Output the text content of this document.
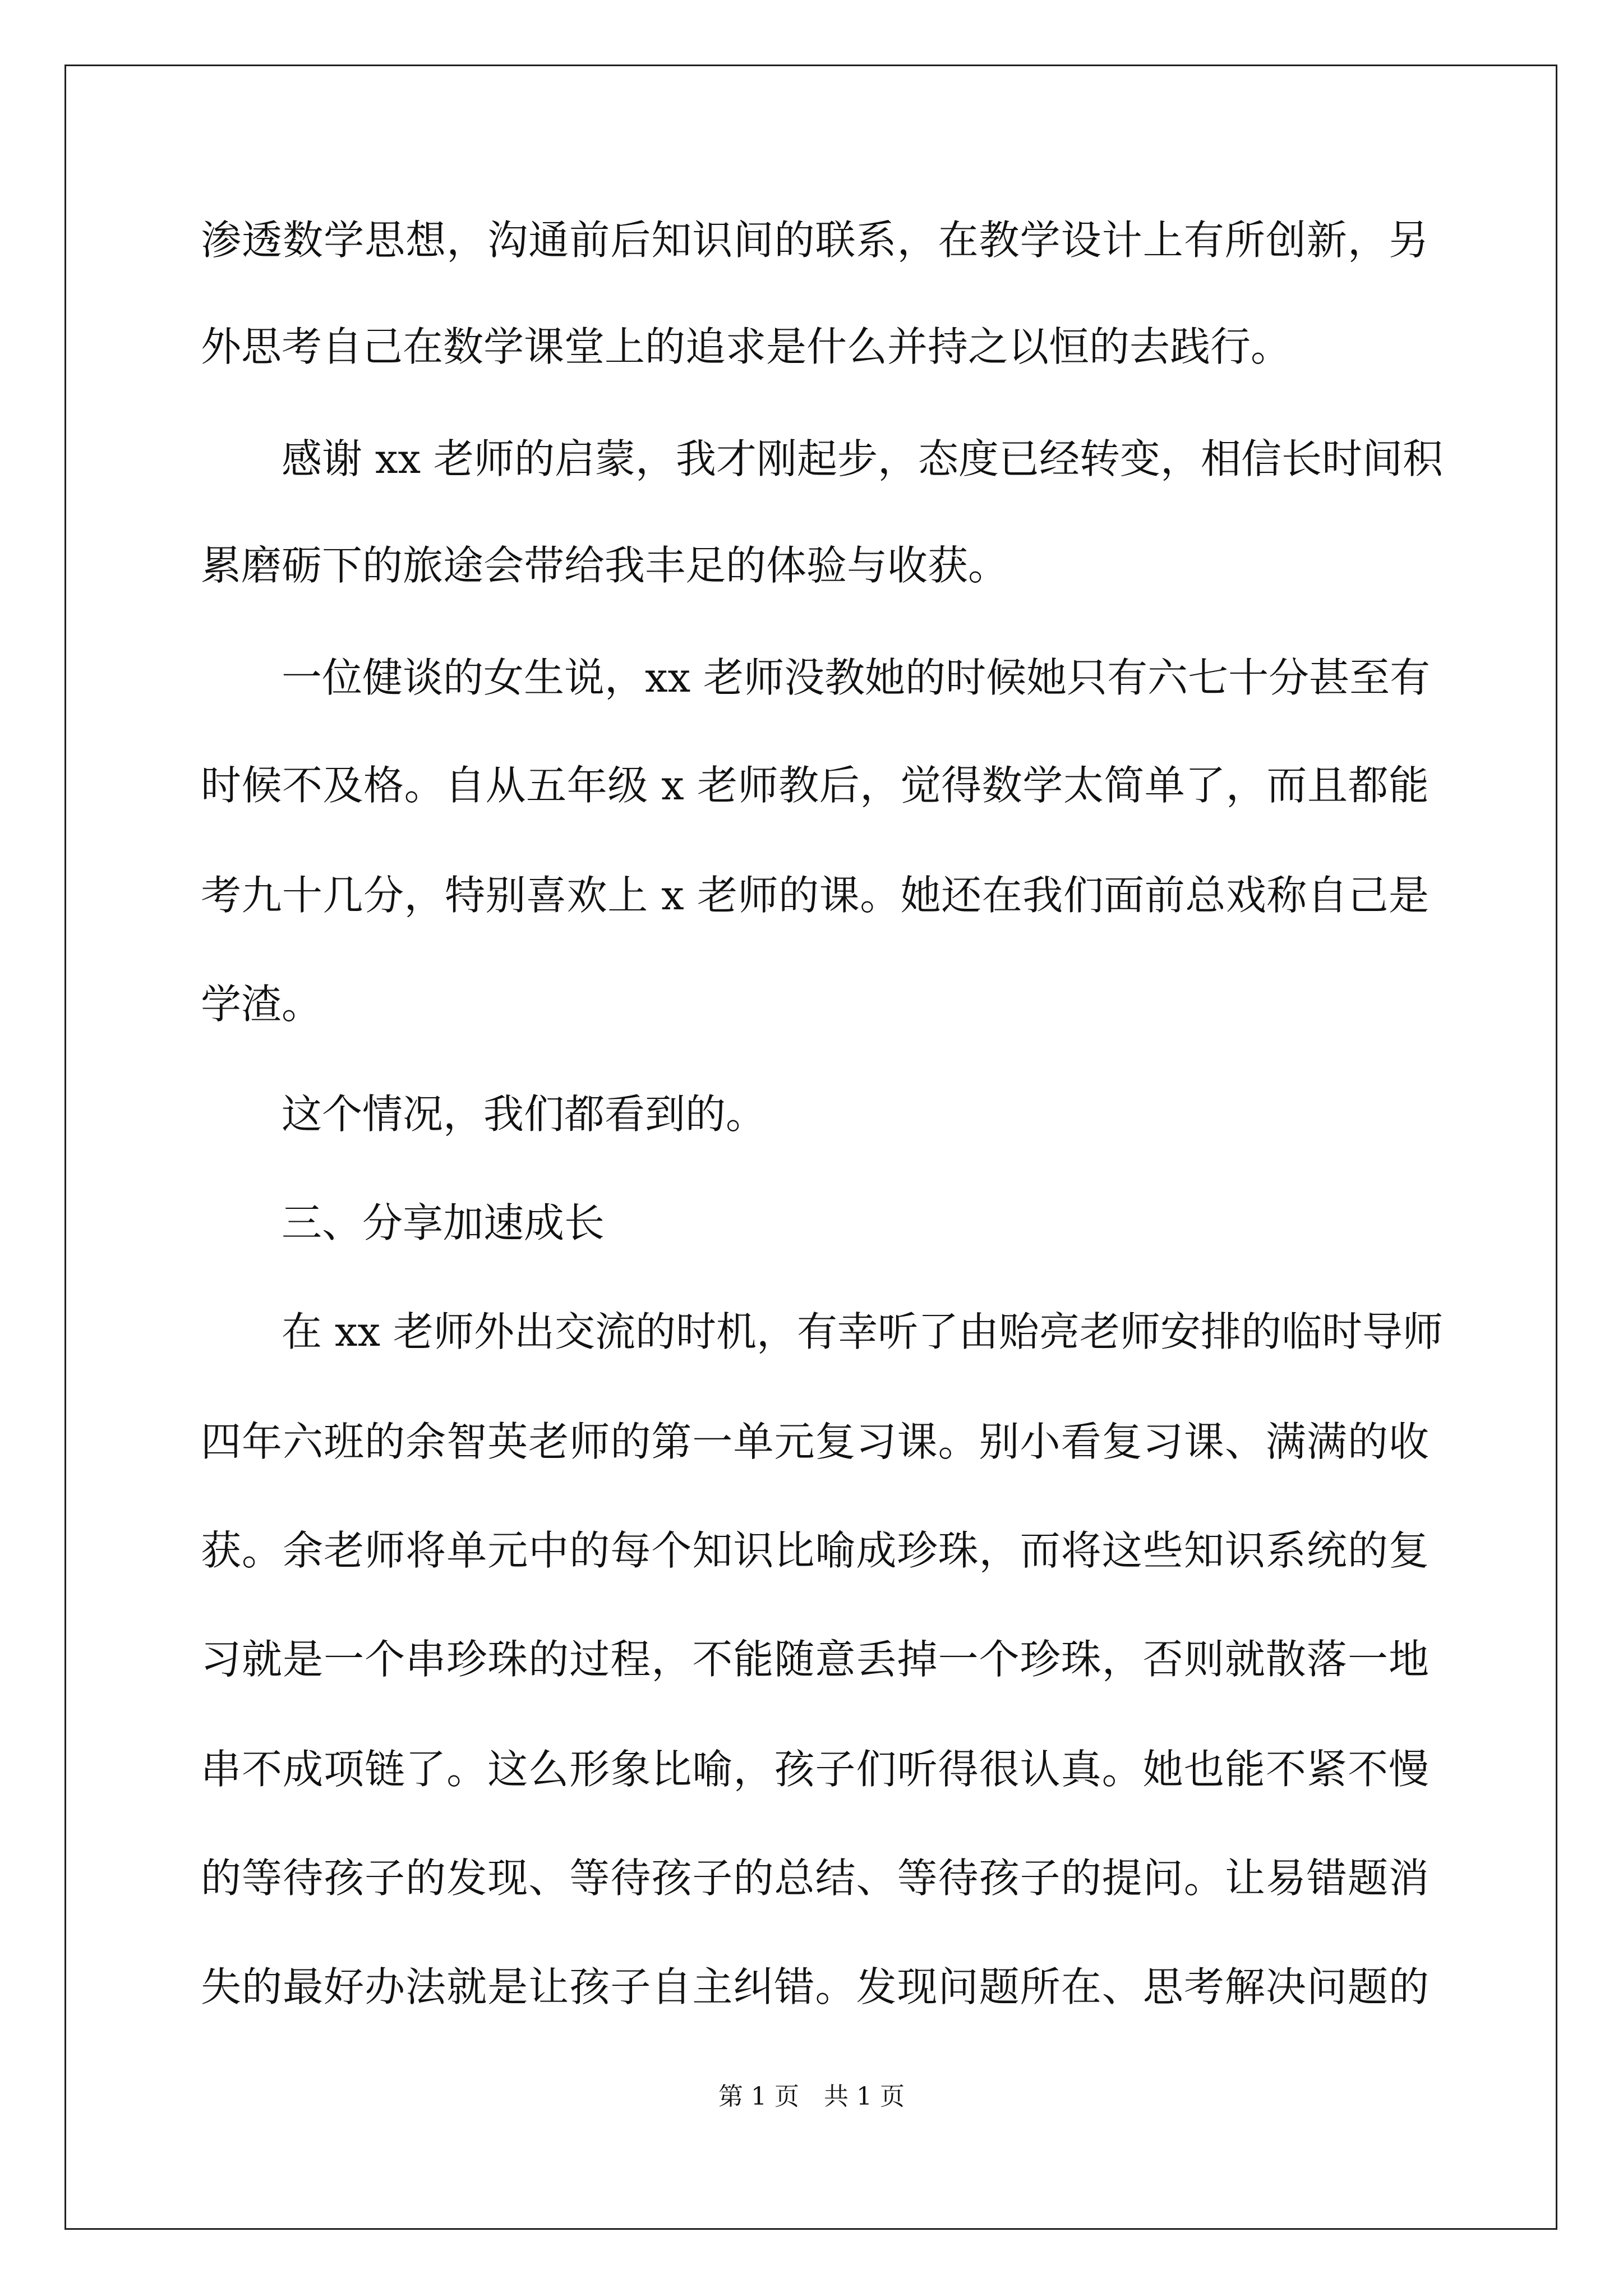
渗透数学思想，沟通前后知识间的联系，在教学设计上有所创新，另
外思考自己在数学课堂上的追求是什么并持之以恒的去践行。
感谢 xx 老师的启蒙，我才刚起步，态度已经转变，相信长时间积
累磨砺下的旅途会带给我丰足的体验与收获。
一位健谈的女生说，xx 老师没教她的时候她只有六七十分甚至有
时候不及格。自从五年级 x 老师教后，觉得数学太简单了，而且都能
考九十几分，特别喜欢上 x 老师的课。她还在我们面前总戏称自己是
学渣。
这个情况，我们都看到的。
三、分享加速成长
在 xx 老师外出交流的时机，有幸听了由贻亮老师安排的临时导师
四年六班的余智英老师的第一单元复习课。别小看复习课、满满的收
获。余老师将单元中的每个知识比喻成珍珠，而将这些知识系统的复
习就是一个串珍珠的过程，不能随意丢掉一个珍珠，否则就散落一地
串不成项链了。这么形象比喻，孩子们听得很认真。她也能不紧不慢
的等待孩子的发现、等待孩子的总结、等待孩子的提问。让易错题消
失的最好办法就是让孩子自主纠错。发现问题所在、思考解决问题的
第 1 页　共 1 页
